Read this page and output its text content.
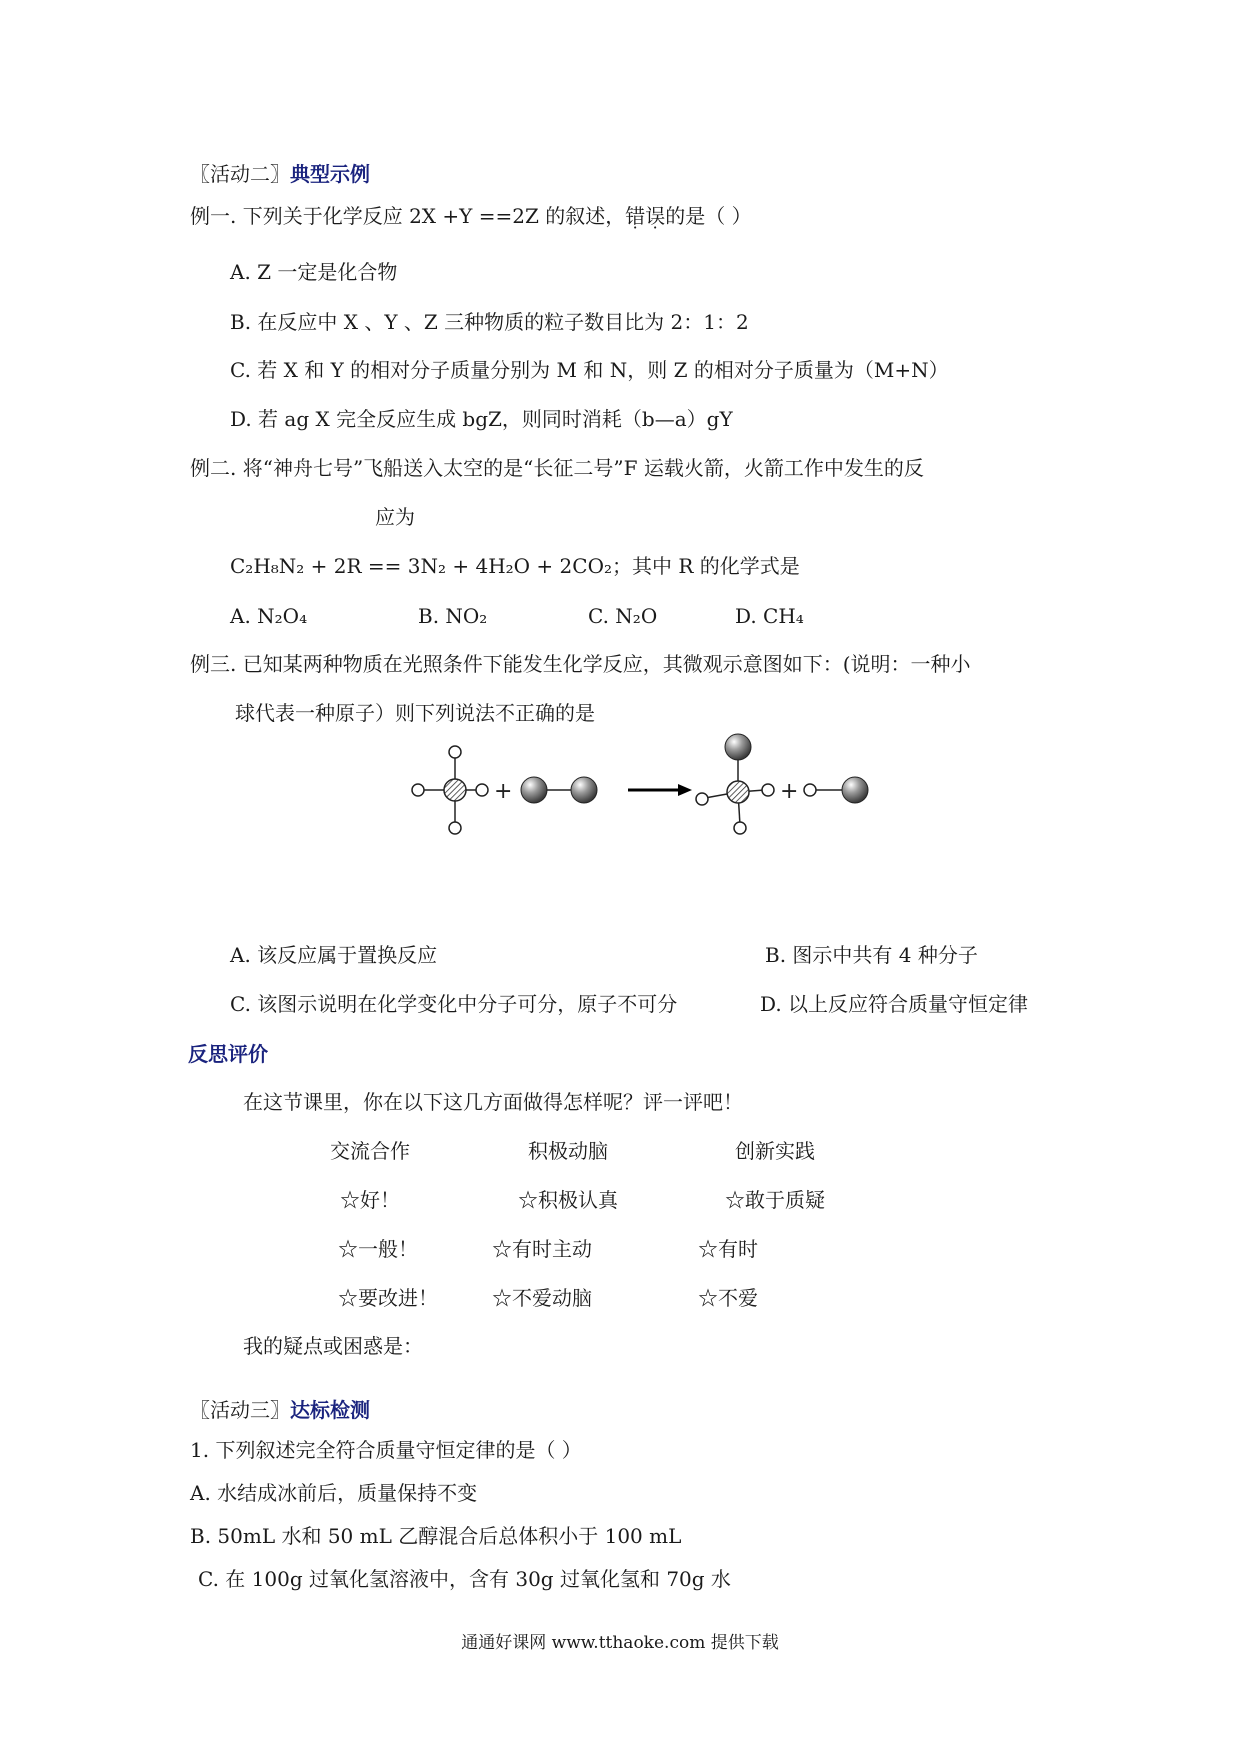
〖活动二〗典型示例
例一. 下列关于化学反应 2X +Y ==2Z 的叙述，错误的是（ ）
A. Z 一定是化合物
B. 在反应中 X 、Y 、Z 三种物质的粒子数目比为 2：1：2
C. 若 X 和 Y 的相对分子质量分别为 M 和 N，则 Z 的相对分子质量为（M+N）
D. 若 ag X 完全反应生成 bgZ，则同时消耗（b—a）gY
例二. 将“神舟七号”飞船送入太空的是“长征二号”F 运载火箭，火箭工作中发生的反
应为
C₂H₈N₂ + 2R == 3N₂ + 4H₂O + 2CO₂；其中 R 的化学式是
A. N₂O₄	B. NO₂	C. N₂O	D. CH₄
例三. 已知某两种物质在光照条件下能发生化学反应，其微观示意图如下：(说明：一种小
球代表一种原子）则下列说法不正确的是
+	+
A. 该反应属于置换反应	B. 图示中共有 4 种分子
C. 该图示说明在化学变化中分子可分，原子不可分	D. 以上反应符合质量守恒定律
反思评价
在这节课里，你在以下这几方面做得怎样呢？评一评吧！
交流合作	积极动脑	创新实践
☆好！	☆积极认真	☆敢于质疑
☆一般！	☆有时主动	☆有时
☆要改进！	☆不爱动脑	☆不爱
我的疑点或困惑是：
〖活动三〗达标检测
1. 下列叙述完全符合质量守恒定律的是（ ）
A. 水结成冰前后，质量保持不变
B. 50mL 水和 50 mL 乙醇混合后总体积小于 100 mL
C. 在 100g 过氧化氢溶液中，含有 30g 过氧化氢和 70g 水
通通好课网 www.tthaoke.com 提供下载
